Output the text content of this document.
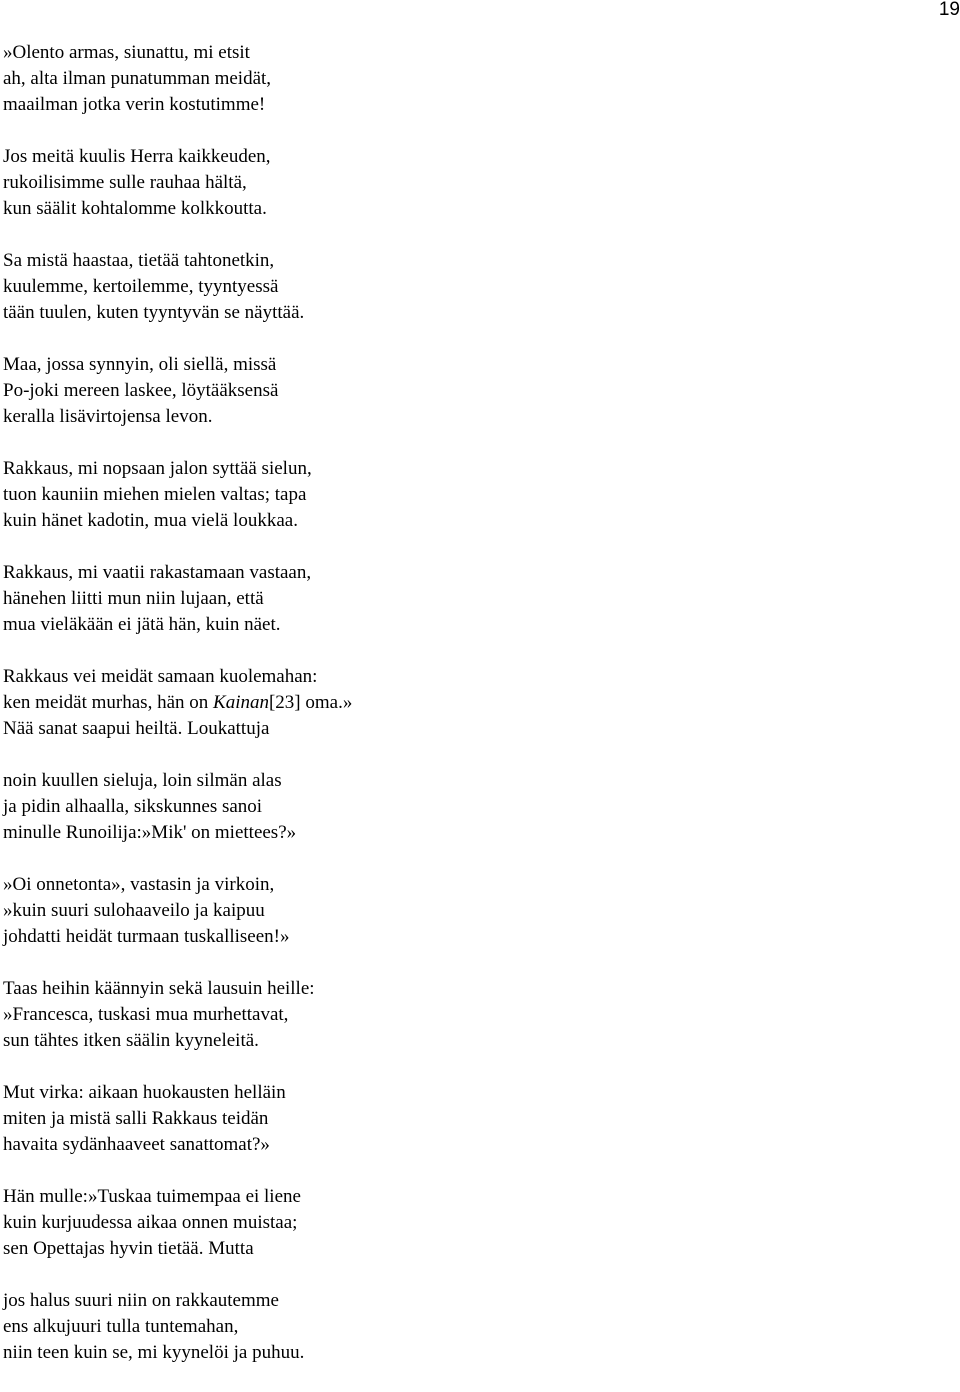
19
»Olento armas, siunattu, mi etsit
ah, alta ilman punatumman meidät,
maailman jotka verin kostutimme!
Jos meitä kuulis Herra kaikkeuden,
rukoilisimme sulle rauhaa hältä,
kun säälit kohtalomme kolkkoutta.
Sa mistä haastaa, tietää tahtonetkin,
kuulemme, kertoilemme, tyyntyessä
tään tuulen, kuten tyyntyvän se näyttää.
Maa, jossa synnyin, oli siellä, missä
Po-joki mereen laskee, löytääksensä
keralla lisävirtojensa levon.
Rakkaus, mi nopsaan jalon syttää sielun,
tuon kauniin miehen mielen valtas; tapa
kuin hänet kadotin, mua vielä loukkaa.
Rakkaus, mi vaatii rakastamaan vastaan,
hänehen liitti mun niin lujaan, että
mua vieläkään ei jätä hän, kuin näet.
Rakkaus vei meidät samaan kuolemahan:
ken meidät murhas, hän on Kainan[23] oma.»
Nää sanat saapui heiltä. Loukattuja
noin kuullen sieluja, loin silmän alas
ja pidin alhaalla, sikskunnes sanoi
minulle Runoilija:»Mik' on miettees?»
»Oi onnetonta», vastasin ja virkoin,
»kuin suuri sulohaaveilo ja kaipuu
johdatti heidät turmaan tuskalliseen!»
Taas heihin käännyin sekä lausuin heille:
»Francesca, tuskasi mua murhettavat,
sun tähtes itken säälin kyyneleitä.
Mut virka: aikaan huokausten helläin
miten ja mistä salli Rakkaus teidän
havaita sydänhaaveet sanattomat?»
Hän mulle:»Tuskaa tuimempaa ei liene
kuin kurjuudessa aikaa onnen muistaa;
sen Opettajas hyvin tietää. Mutta
jos halus suuri niin on rakkautemme
ens alkujuuri tulla tuntemahan,
niin teen kuin se, mi kyynelöi ja puhuu.
